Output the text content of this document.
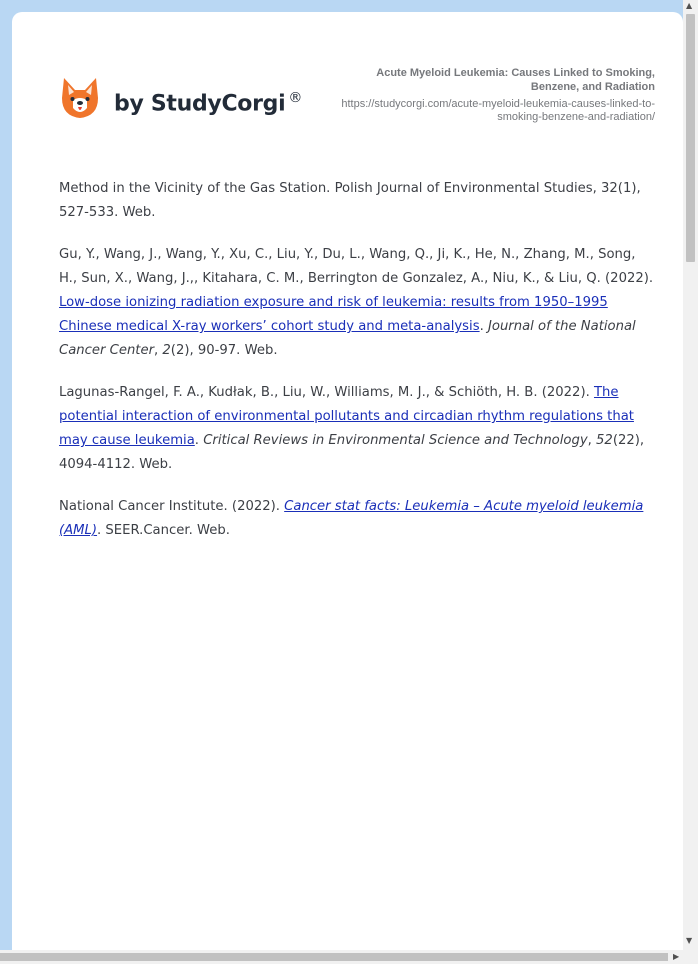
by StudyCorgi ®
Acute Myeloid Leukemia: Causes Linked to Smoking, Benzene, and Radiation
https://studycorgi.com/acute-myeloid-leukemia-causes-linked-to-smoking-benzene-and-radiation/

Method in the Vicinity of the Gas Station. Polish Journal of Environmental Studies, 32(1), 527-533. Web.

Gu, Y., Wang, J., Wang, Y., Xu, C., Liu, Y., Du, L., Wang, Q., Ji, K., He, N., Zhang, M., Song, H., Sun, X., Wang, J.,, Kitahara, C. M., Berrington de Gonzalez, A., Niu, K., & Liu, Q. (2022). Low-dose ionizing radiation exposure and risk of leukemia: results from 1950–1995 Chinese medical X-ray workers’ cohort study and meta-analysis. Journal of the National Cancer Center, 2(2), 90-97. Web.

Lagunas-Rangel, F. A., Kudłak, B., Liu, W., Williams, M. J., & Schiöth, H. B. (2022). The potential interaction of environmental pollutants and circadian rhythm regulations that may cause leukemia. Critical Reviews in Environmental Science and Technology, 52(22), 4094-4112. Web.

National Cancer Institute. (2022). Cancer stat facts: Leukemia – Acute myeloid leukemia (AML). SEER.Cancer. Web.

▲
▼
▶
